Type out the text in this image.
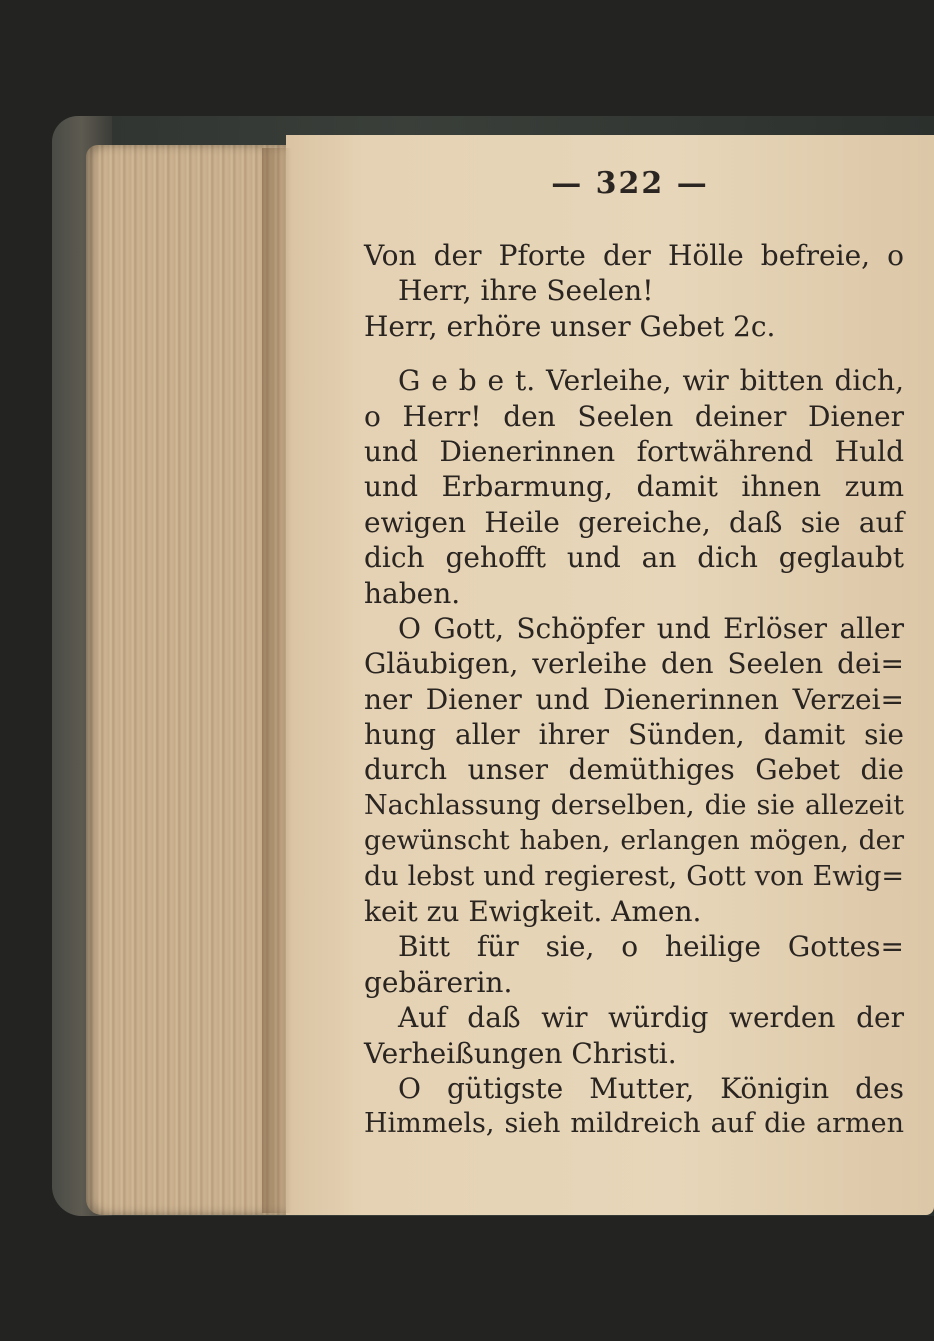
— 322 —
Von der Pforte der Hölle befreie, o
Herr, ihre Seelen!
Herr, erhöre unser Gebet 2c.
G e b e t. Verleihe, wir bitten dich,
o Herr! den Seelen deiner Diener
und Dienerinnen fortwährend Huld
und Erbarmung, damit ihnen zum
ewigen Heile gereiche, daß sie auf
dich gehofft und an dich geglaubt
haben.
O Gott, Schöpfer und Erlöser aller
Gläubigen, verleihe den Seelen dei=
ner Diener und Dienerinnen Verzei=
hung aller ihrer Sünden, damit sie
durch unser demüthiges Gebet die
Nachlassung derselben, die sie allezeit
gewünscht haben, erlangen mögen, der
du lebst und regierest, Gott von Ewig=
keit zu Ewigkeit. Amen.
Bitt für sie, o heilige Gottes=
gebärerin.
Auf daß wir würdig werden der
Verheißungen Christi.
O gütigste Mutter, Königin des
Himmels, sieh mildreich auf die armen
